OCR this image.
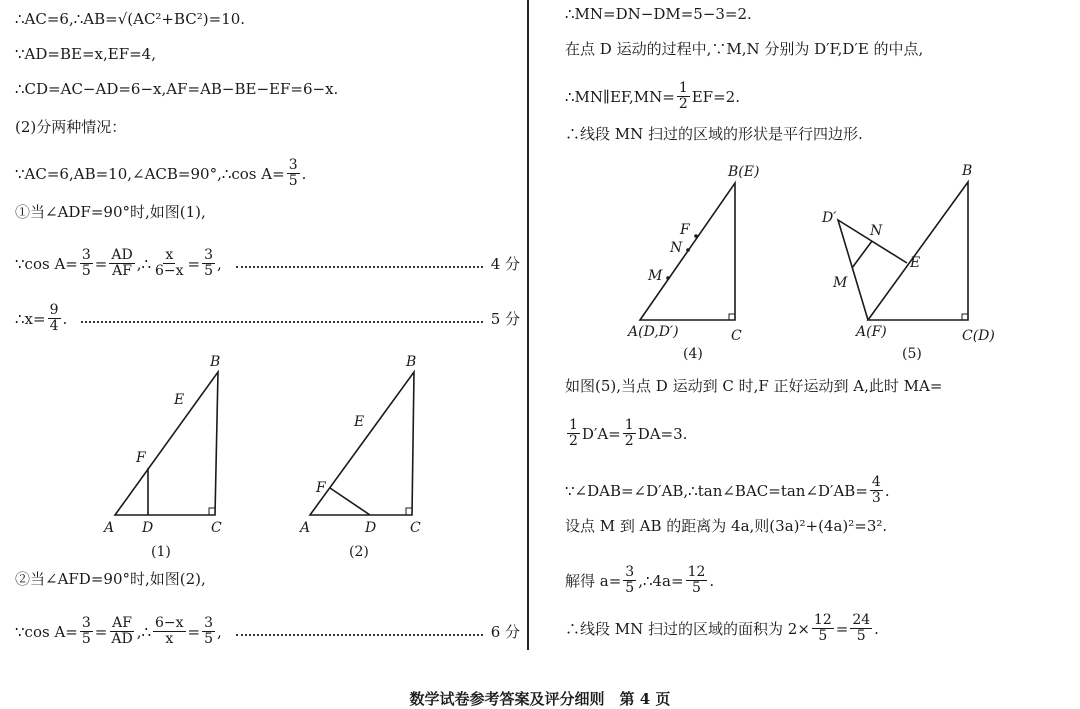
∴AC=6,∴AB=√(AC²+BC²)=10.
∵AD=BE=x,EF=4,
∴CD=AC−AD=6−x,AF=AB−BE−EF=6−x.
(2)分两种情况：
∵AC=6,AB=10,∠ACB=90°,∴cos $A= \frac{3}{5}$ .
①当∠ADF=90°时,如图(1),
∵cos $A= \frac{3}{5} = \frac{AD}{AF}$ ,∴ $\frac{x}{6-x} = \frac{3}{5}$ ,	4 分
∴x= $\frac{9}{4}$ .	5 分
②当∠AFD=90°时,如图(2),
∵cos $A= \frac{3}{5} = \frac{AF}{AD}$ ,∴ $\frac{6-x}{x} = \frac{3}{5}$ ,	6 分
∴MN=DN−DM=5−3=2.
在点 D 运动的过程中,∵M,N 分别为 D′F,D′E 的中点,
∴MN∥EF,MN= $\frac{1}{2} EF=2$.
∴线段 MN 扫过的区域的形状是平行四边形.
如图(5),当点 D 运动到 C 时,F 正好运动到 A,此时 MA=
$\frac{1}{2} D'A= \frac{1}{2} DA=3$.
∵∠DAB=∠D′AB,∴tan∠BAC=tan∠D′AB= $\frac{4}{3}$ .
设点 M 到 AB 的距离为 4a,则(3a)²+(4a)²=3².
解得 $a= \frac{3}{5}$ ,∴4a= $\frac{12}{5}$ .
∴线段 MN 扫过的区域的面积为 $2\times \frac{12}{5} = \frac{24}{5}$ .
A D	C
B
E
F
(1)
A	D C
B
E
F
(2)
A(D,D′)	C
B(E)
F
N
M
(4)
A(F)	C(D)
B
D′
N
E
M
(5)
数学试卷参考答案及评分细则　第 4 页
